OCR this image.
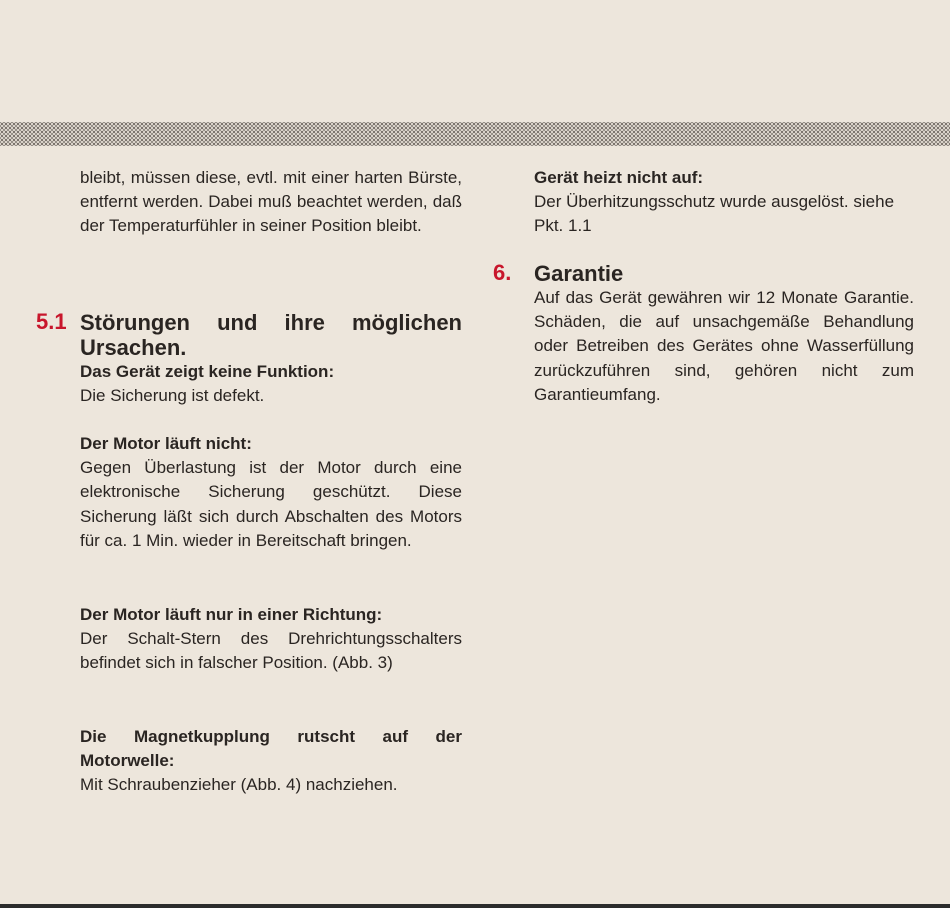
bleibt, müssen diese, evtl. mit einer harten Bürste, entfernt werden. Dabei muß beachtet werden, daß der Temperaturfühler in seiner Position bleibt.

5.1 Störungen und ihre möglichen Ursachen.
Das Gerät zeigt keine Funktion:

Die Sicherung ist defekt.

Der Motor läuft nicht:

Gegen Überlastung ist der Motor durch eine elektronische Sicherung geschützt. Diese Sicherung läßt sich durch Abschalten des Motors für ca. 1 Min. wieder in Bereitschaft bringen.

Der Motor läuft nur in einer Richtung:

Der Schalt-Stern des Drehrichtungsschalters befindet sich in falscher Position. (Abb. 3)

Die Magnetkupplung rutscht auf der Motorwelle:

Mit Schraubenzieher (Abb. 4) nachziehen.

Gerät heizt nicht auf:

Der Überhitzungsschutz wurde ausgelöst. siehe Pkt. 1.1

6. Garantie

Auf das Gerät gewähren wir 12 Monate Garantie. Schäden, die auf unsachgemäße Behandlung oder Betreiben des Gerätes ohne Wasserfüllung zurückzuführen sind, gehören nicht zum Garantieumfang.
